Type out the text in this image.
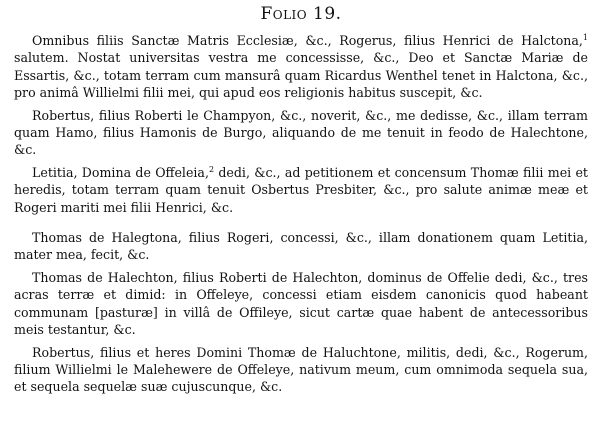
Folio 19.

Omnibus filiis Sanctæ Matris Ecclesiæ, &c., Rogerus, filius Henrici de Halctona,$^1$ salutem. Nostat universitas vestra me concessisse, &c., Deo et Sanctæ Mariæ de Essartis, &c., totam terram cum mansurâ quam Ricardus Wenthel tenet in Halctona, &c., pro animâ Willielmi filii mei, qui apud eos religionis habitus suscepit, &c.

Robertus, filius Roberti le Champyon, &c., noverit, &c., me dedisse, &c., illam terram quam Hamo, filius Hamonis de Burgo, aliquando de me tenuit in feodo de Halechtone, &c.

Letitia, Domina de Offeleia,$^2$ dedi, &c., ad petitionem et concensum Thomæ filii mei et heredis, totam terram quam tenuit Osbertus Presbiter, &c., pro salute animæ meæ et Rogeri mariti mei filii Henrici, &c.

Thomas de Halegtona, filius Rogeri, concessi, &c., illam donationem quam Letitia, mater mea, fecit, &c.

Thomas de Halechton, filius Roberti de Halechton, dominus de Offelie dedi, &c., tres acras terræ et dimid: in Offeleye, concessi etiam eisdem canonicis quod habeant communam [pasturæ] in villâ de Offileye, sicut cartæ quae habent de antecessoribus meis testantur, &c.

Robertus, filius et heres Domini Thomæ de Haluchtone, militis, dedi, &c., Rogerum, filium Willielmi le Malehewere de Offeleye, nativum meum, cum omnimoda sequela sua, et sequela sequelæ suæ cujuscunque, &c.
